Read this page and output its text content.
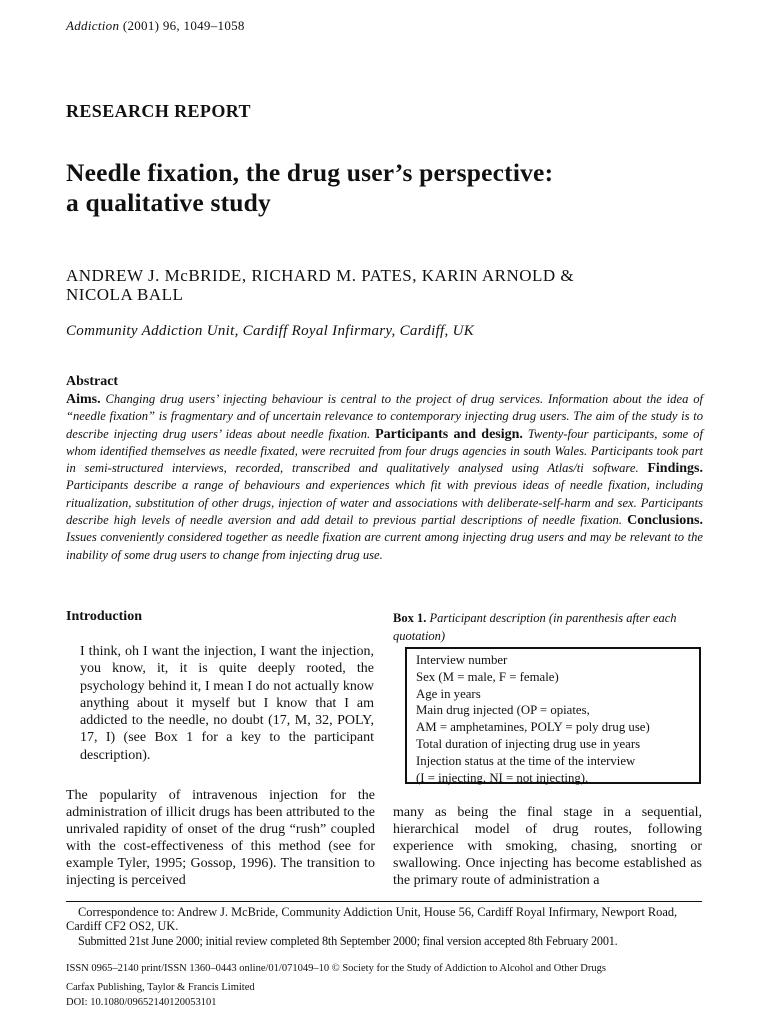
Addiction (2001) 96, 1049–1058
RESEARCH REPORT
Needle fixation, the drug user’s perspective:
a qualitative study
ANDREW J. McBRIDE, RICHARD M. PATES, KARIN ARNOLD &
NICOLA BALL
Community Addiction Unit, Cardiff Royal Infirmary, Cardiff, UK
Abstract
Aims. Changing drug users’ injecting behaviour is central to the project of drug services. Information about the idea of “needle fixation” is fragmentary and of uncertain relevance to contemporary injecting drug users. The aim of the study is to describe injecting drug users’ ideas about needle fixation. Participants and design. Twenty-four participants, some of whom identified themselves as needle fixated, were recruited from four drugs agencies in south Wales. Participants took part in semi-structured interviews, recorded, transcribed and qualitatively analysed using Atlas/ti software. Findings. Participants describe a range of behaviours and experiences which fit with previous ideas of needle fixation, including ritualization, substitution of other drugs, injection of water and associations with deliberate-self-harm and sex. Participants describe high levels of needle aversion and add detail to previous partial descriptions of needle fixation. Conclusions. Issues conveniently considered together as needle fixation are current among injecting drug users and may be relevant to the inability of some drug users to change from injecting drug use.
Introduction
I think, oh I want the injection, I want the injection, you know, it, it is quite deeply rooted, the psychology behind it, I mean I do not actually know anything about it myself but I know that I am addicted to the needle, no doubt (17, M, 32, POLY, 17, I) (see Box 1 for a key to the participant description).
The popularity of intravenous injection for the administration of illicit drugs has been attributed to the unrivaled rapidity of onset of the drug “rush” coupled with the cost-effectiveness of this method (see for example Tyler, 1995; Gossop, 1996). The transition to injecting is perceived
Box 1. Participant description (in parenthesis after each quotation)
Interview number
Sex (M = male, F = female)
Age in years
Main drug injected (OP = opiates,
AM = amphetamines, POLY = poly drug use)
Total duration of injecting drug use in years
Injection status at the time of the interview
(I = injecting, NI = not injecting).
many as being the final stage in a sequential, hierarchical model of drug routes, following experience with smoking, chasing, snorting or swallowing. Once injecting has become established as the primary route of administration a
Correspondence to: Andrew J. McBride, Community Addiction Unit, House 56, Cardiff Royal Infirmary, Newport Road, Cardiff CF2 OS2, UK.
Submitted 21st June 2000; initial review completed 8th September 2000; final version accepted 8th February 2001.
ISSN 0965–2140 print/ISSN 1360–0443 online/01/071049–10 © Society for the Study of Addiction to Alcohol and Other Drugs
Carfax Publishing, Taylor & Francis Limited
DOI: 10.1080/09652140120053101
